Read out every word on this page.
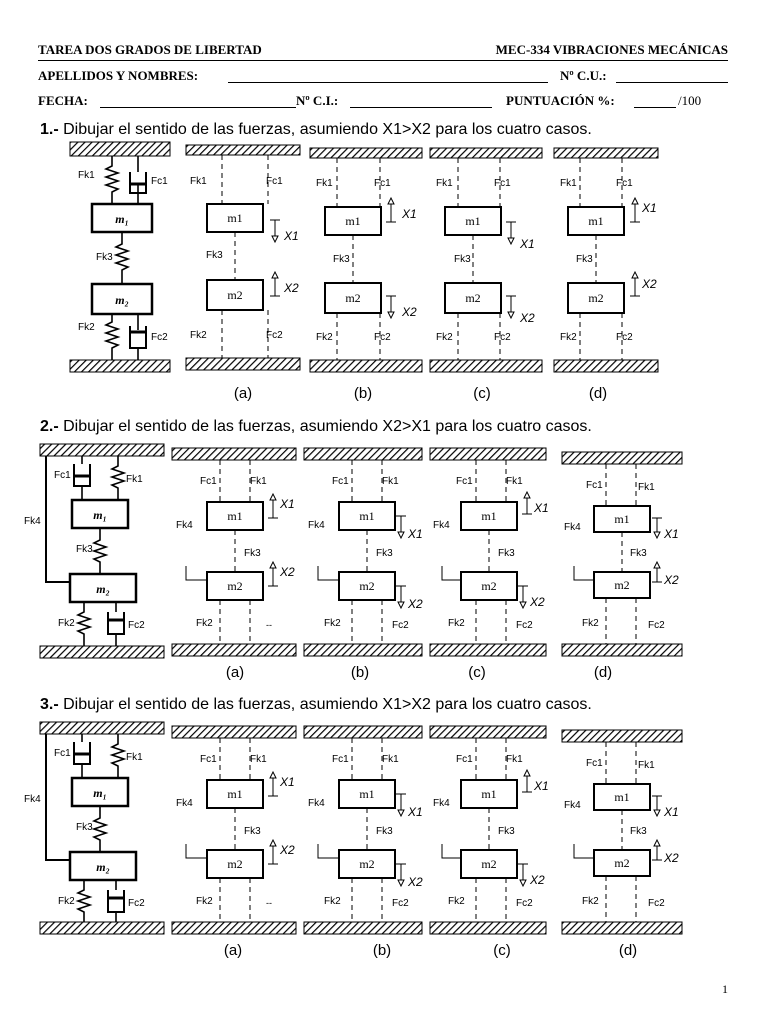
TAREA DOS GRADOS DE LIBERTAD	MEC-334 VIBRACIONES MECÁNICAS
APELLIDOS Y NOMBRES:	Nº C.U.:
FECHA:	Nº C.I.:	PUNTUACIÓN %:	/100
1.- Dibujar el sentido de las fuerzas, asumiendo X1>X2 para los cuatro casos.
2.- Dibujar el sentido de las fuerzas, asumiendo X2>X1 para los cuatro casos.
3.- Dibujar el sentido de las fuerzas, asumiendo X1>X2 para los cuatro casos.
m₁
m₂
Fk1
Fc1
Fk3
Fk2
Fc2
Fk1	Fc1
m1
X1
Fk3
m2	X2
Fk2	Fc2
Fk1	Fc1
m1	X1
Fk3
m2
X2
Fk2	Fc2
Fk1	Fc1
m1
X1
Fk3
m2
X2
Fk2	Fc2
Fk1	Fc1
m1
X1
Fk3
m2
X2
Fk2	Fc2
(a)	(b)	(c)	(d)
m₁
m₂
Fc1	Fk1
Fk4
Fk3
Fk2	Fc2
Fc1	Fk1
Fk4
m1
X1
Fk3
m2
X2
Fk2	--
Fc1	Fk1
Fk4
m1
X1
Fk3
m2
X2
Fk2	Fc2
Fc1	Fk1
Fk4
m1
X1
Fk3
m2
X2
Fk2	Fc2
Fc1	Fk1
Fk4
m1
X1
Fk3
m2	X2
Fk2	Fc2
(a)	(b)	(c)	(d)
m₁
m₂
Fc1	Fk1
Fk4
Fk3
Fk2	Fc2
Fc1	Fk1
Fk4
m1
X1
Fk3
m2
X2
Fk2	--
Fc1	Fk1
Fk4
m1
X1
Fk3
m2
X2
Fk2	Fc2
Fc1	Fk1
Fk4
m1
X1
Fk3
m2
X2
Fk2	Fc2
Fc1	Fk1
Fk4
m1
X1
Fk3
m2	X2
Fk2	Fc2
(a)	(b)	(c)	(d)
1
